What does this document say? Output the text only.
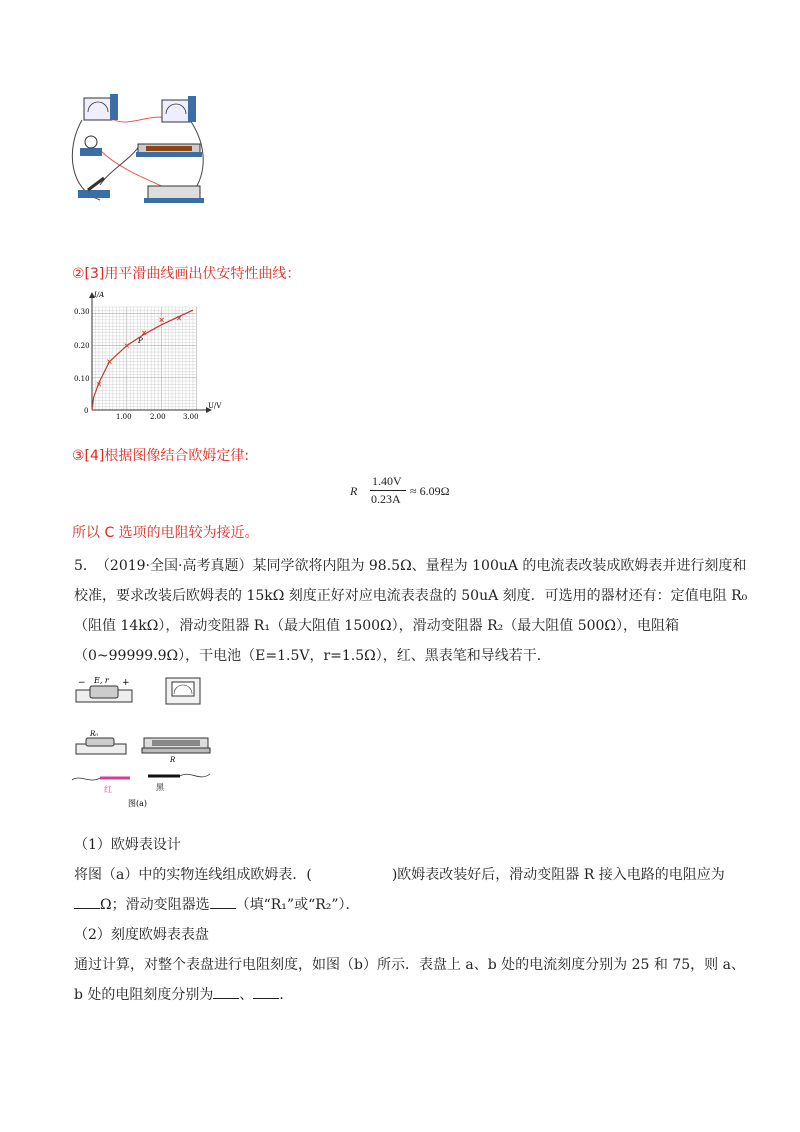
②[3]用平滑曲线画出伏安特性曲线：
I/A
U/V
0.30
0.20
0.10
0
1.00	2.00 3.00
P
③[4]根据图像结合欧姆定律:
R
1.40V
0.23A
≈ 6.09Ω
所以 C 选项的电阻较为接近。
5． （2019·全国·高考真题）某同学欲将内阻为 98.5Ω、量程为 100uA 的电流表改装成欧姆表并进行刻度和
校准，要求改装后欧姆表的 15kΩ 刻度正好对应电流表表盘的 50uA 刻度．可选用的器材还有：定值电阻 R₀
（阻值 14kΩ），滑动变阻器 R₁（最大阻值 1500Ω），滑动变阻器 R₂（最大阻值 500Ω），电阻箱
（0~99999.9Ω），干电池（E=1.5V，r=1.5Ω），红、黑表笔和导线若干．
− E, r +
R₀
R
红	黑
图(a)
（1）欧姆表设计
将图（a）中的实物连线组成欧姆表．(	)欧姆表改装好后，滑动变阻器 R 接入电路的电阻应为
Ω；滑动变阻器选 （填“R₁”或“R₂”）．
（2）刻度欧姆表表盘
通过计算，对整个表盘进行电阻刻度，如图（b）所示．表盘上 a、b 处的电流刻度分别为 25 和 75，则 a、
b 处的电阻刻度分别为 、 ．
